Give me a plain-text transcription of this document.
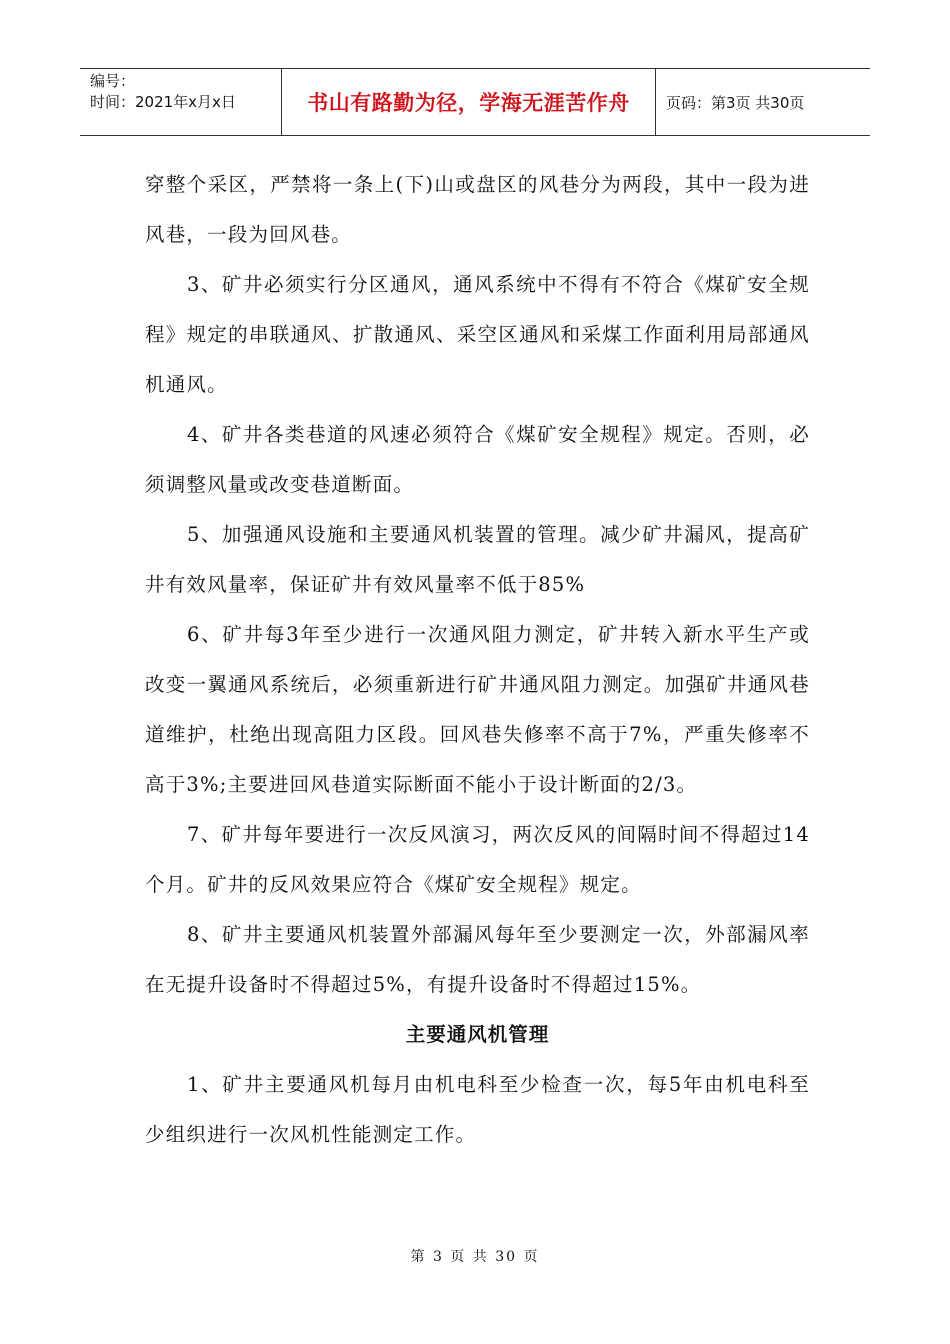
编号：
时间：2021年x月x日	书山有路勤为径，学海无涯苦作舟	页码：第3页 共30页

穿整个采区，严禁将一条上(下)山或盘区的风巷分为两段，其中一段为进风巷，一段为回风巷。

3、矿井必须实行分区通风，通风系统中不得有不符合《煤矿安全规程》规定的串联通风、扩散通风、采空区通风和采煤工作面利用局部通风机通风。

4、矿井各类巷道的风速必须符合《煤矿安全规程》规定。否则，必须调整风量或改变巷道断面。

5、加强通风设施和主要通风机装置的管理。减少矿井漏风，提高矿井有效风量率，保证矿井有效风量率不低于85%

6、矿井每3年至少进行一次通风阻力测定，矿井转入新水平生产或改变一翼通风系统后，必须重新进行矿井通风阻力测定。加强矿井通风巷道维护，杜绝出现高阻力区段。回风巷失修率不高于7%，严重失修率不高于3%;主要进回风巷道实际断面不能小于设计断面的2/3。

7、矿井每年要进行一次反风演习，两次反风的间隔时间不得超过14个月。矿井的反风效果应符合《煤矿安全规程》规定。

8、矿井主要通风机装置外部漏风每年至少要测定一次，外部漏风率在无提升设备时不得超过5%，有提升设备时不得超过15%。

主要通风机管理

1、矿井主要通风机每月由机电科至少检查一次，每5年由机电科至少组织进行一次风机性能测定工作。

第 3 页 共 30 页
